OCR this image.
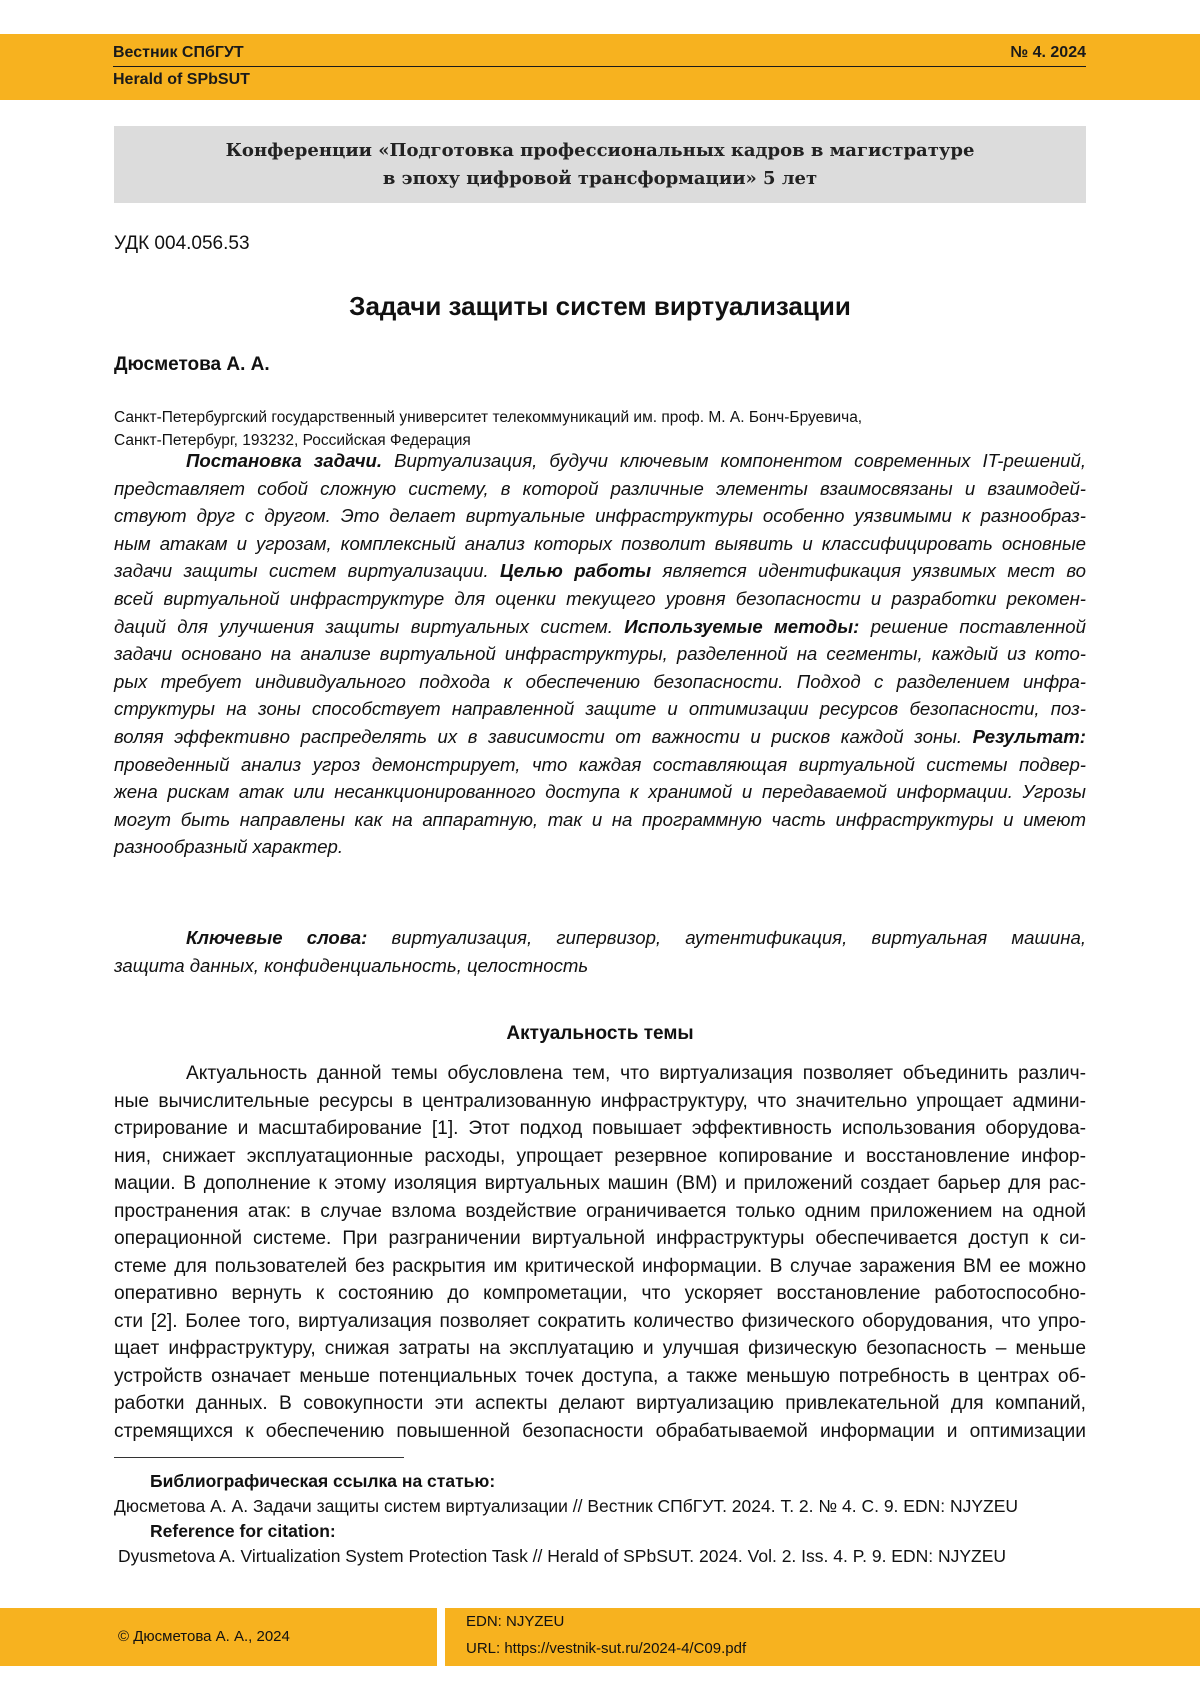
Вестник СПбГУТ	№ 4. 2024
Herald of SPbSUT
Конференции «Подготовка профессиональных кадров в магистратуре
в эпоху цифровой трансформации» 5 лет
УДК 004.056.53
Задачи защиты систем виртуализации
Дюсметова А. А.
Санкт-Петербургский государственный университет телекоммуникаций им. проф. М. А. Бонч-Бруевича,
Санкт-Петербург, 193232, Российская Федерация
Постановка задачи. Виртуализация, будучи ключевым компонентом современных IT-решений,
представляет собой сложную систему, в которой различные элементы взаимосвязаны и взаимодей-
ствуют друг с другом. Это делает виртуальные инфраструктуры особенно уязвимыми к разнообраз-
ным атакам и угрозам, комплексный анализ которых позволит выявить и классифицировать основные
задачи защиты систем виртуализации. Целью работы является идентификация уязвимых мест во
всей виртуальной инфраструктуре для оценки текущего уровня безопасности и разработки рекомен-
даций для улучшения защиты виртуальных систем. Используемые методы: решение поставленной
задачи основано на анализе виртуальной инфраструктуры, разделенной на сегменты, каждый из кото-
рых требует индивидуального подхода к обеспечению безопасности. Подход с разделением инфра-
структуры на зоны способствует направленной защите и оптимизации ресурсов безопасности, поз-
воляя эффективно распределять их в зависимости от важности и рисков каждой зоны. Результат:
проведенный анализ угроз демонстрирует, что каждая составляющая виртуальной системы подвер-
жена рискам атак или несанкционированного доступа к хранимой и передаваемой информации. Угрозы
могут быть направлены как на аппаратную, так и на программную часть инфраструктуры и имеют
разнообразный характер.
Ключевые слова: виртуализация, гипервизор, аутентификация, виртуальная машина,
защита данных, конфиденциальность, целостность
Актуальность темы
Актуальность данной темы обусловлена тем, что виртуализация позволяет объединить различ-
ные вычислительные ресурсы в централизованную инфраструктуру, что значительно упрощает админи-
стрирование и масштабирование [1]. Этот подход повышает эффективность использования оборудова-
ния, снижает эксплуатационные расходы, упрощает резервное копирование и восстановление инфор-
мации. В дополнение к этому изоляция виртуальных машин (ВМ) и приложений создает барьер для рас-
пространения атак: в случае взлома воздействие ограничивается только одним приложением на одной
операционной системе. При разграничении виртуальной инфраструктуры обеспечивается доступ к си-
стеме для пользователей без раскрытия им критической информации. В случае заражения ВМ ее можно
оперативно вернуть к состоянию до компрометации, что ускоряет восстановление работоспособно-
сти [2]. Более того, виртуализация позволяет сократить количество физического оборудования, что упро-
щает инфраструктуру, снижая затраты на эксплуатацию и улучшая физическую безопасность – меньше
устройств означает меньше потенциальных точек доступа, а также меньшую потребность в центрах об-
работки данных. В совокупности эти аспекты делают виртуализацию привлекательной для компаний,
стремящихся к обеспечению повышенной безопасности обрабатываемой информации и оптимизации
Библиографическая ссылка на статью:
Дюсметова А. А. Задачи защиты систем виртуализации // Вестник СПбГУТ. 2024. Т. 2. № 4. С. 9. EDN: NJYZEU
Reference for citation:
Dyusmetova A. Virtualization System Protection Task // Herald of SPbSUT. 2024. Vol. 2. Iss. 4. P. 9. EDN: NJYZEU
© Дюсметова А. А., 2024
EDN: NJYZEU
URL: https://vestnik-sut.ru/2024-4/C09.pdf
